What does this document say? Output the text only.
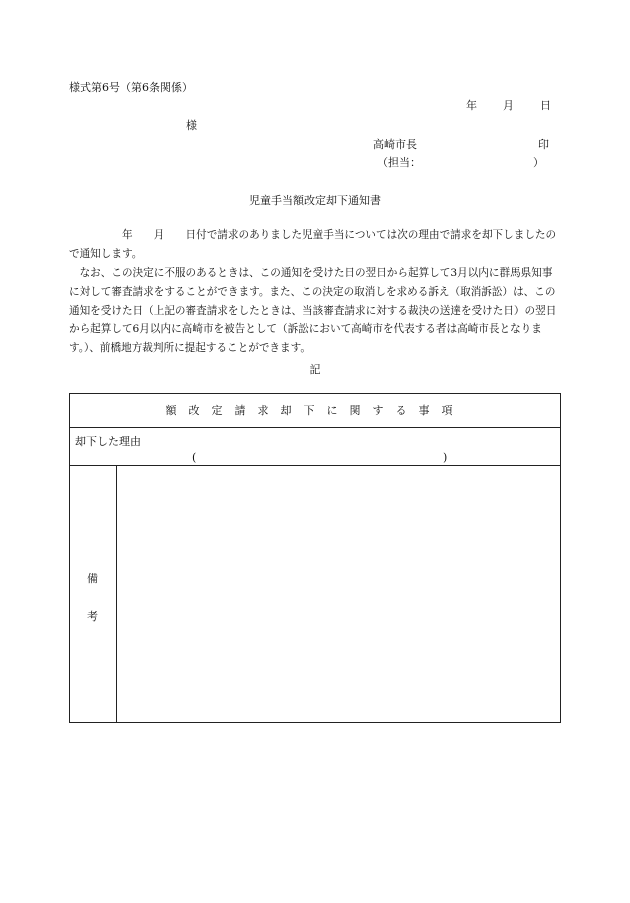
様式第6号（第6条関係）
年 月 日
様
高崎市長	印
（担当：	）
児童手当額改定却下通知書
　　　　　年　　月　　日付で請求のありました児童手当については次の理由で請求を却下しましたので通知します。
　なお、この決定に不服のあるときは、この通知を受けた日の翌日から起算して3月以内に群馬県知事に対して審査請求をすることができます。また、この決定の取消しを求める訴え（取消訴訟）は、この通知を受けた日（上記の審査請求をしたときは、当該審査請求に対する裁決の送達を受けた日）の翌日から起算して6月以内に高崎市を被告として（訴訟において高崎市を代表する者は高崎市長となります。）、前橋地方裁判所に提起することができます。
記
額改定請求却下に関する事項
却下した理由
(	)
備
考
